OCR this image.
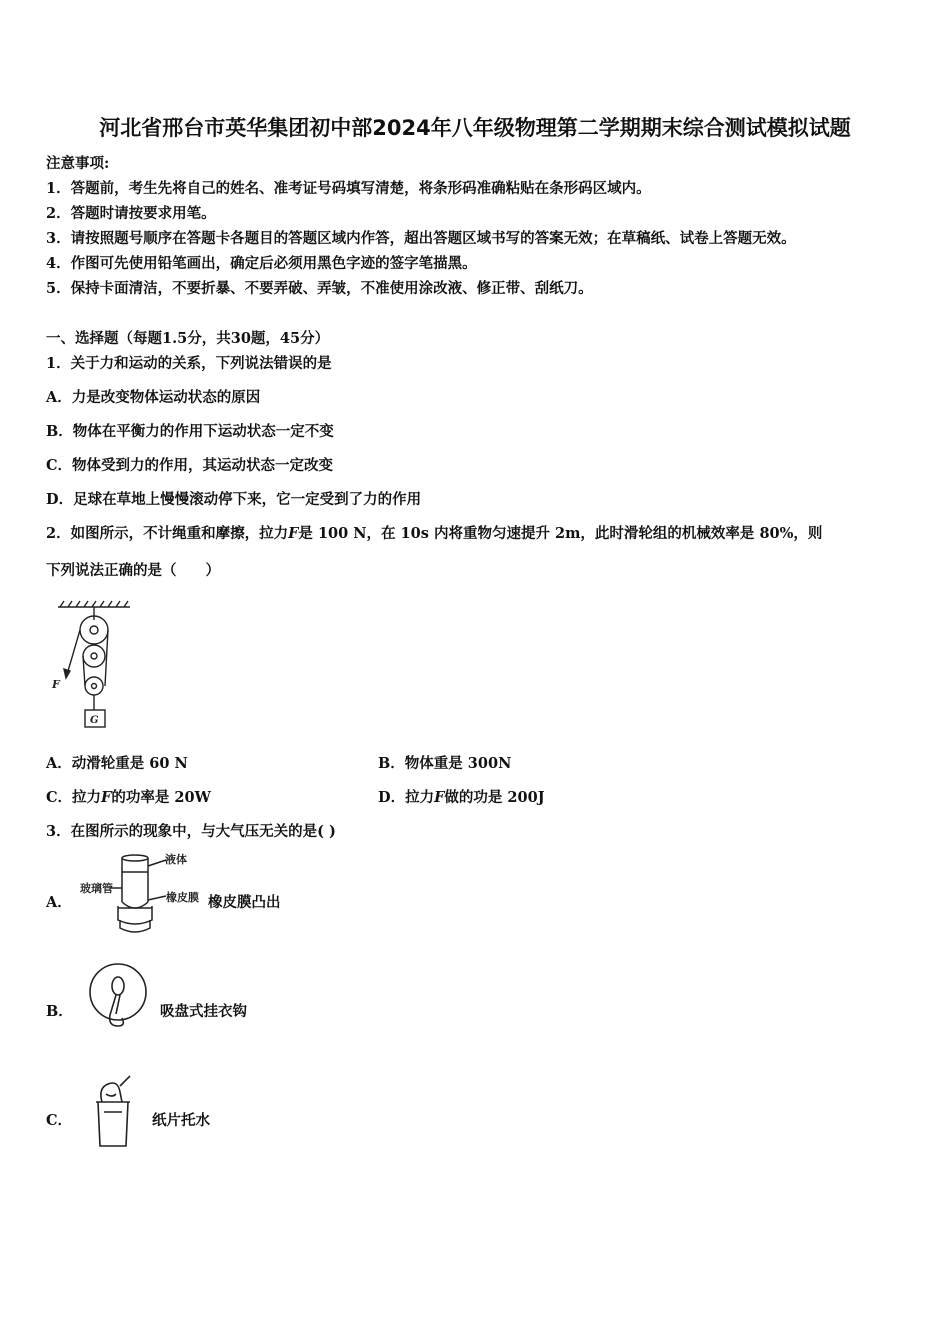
河北省邢台市英华集团初中部2024年八年级物理第二学期期末综合测试模拟试题
注意事项:
1．答题前，考生先将自己的姓名、准考证号码填写清楚，将条形码准确粘贴在条形码区域内。
2．答题时请按要求用笔。
3．请按照题号顺序在答题卡各题目的答题区域内作答，超出答题区域书写的答案无效；在草稿纸、试卷上答题无效。
4．作图可先使用铅笔画出，确定后必须用黑色字迹的签字笔描黑。
5．保持卡面清洁，不要折暴、不要弄破、弄皱，不准使用涂改液、修正带、刮纸刀。
一、选择题（每题1.5分，共30题，45分）
1．关于力和运动的关系，下列说法错误的是
A．力是改变物体运动状态的原因
B．物体在平衡力的作用下运动状态一定不变
C．物体受到力的作用，其运动状态一定改变
D．足球在草地上慢慢滚动停下来，它一定受到了力的作用
2．如图所示，不计绳重和摩擦，拉力F是 100 N，在 10s 内将重物匀速提升 2m，此时滑轮组的机械效率是 80%，则
下列说法正确的是（　　）
F
G
A．动滑轮重是 60 N	B．物体重是 300N
C．拉力F的功率是 20W	D．拉力F做的功是 200J
3．在图所示的现象中，与大气压无关的是( )
A．
液体
玻璃管
橡皮膜 橡皮膜凸出
B．	吸盘式挂衣钩
C．	纸片托水
